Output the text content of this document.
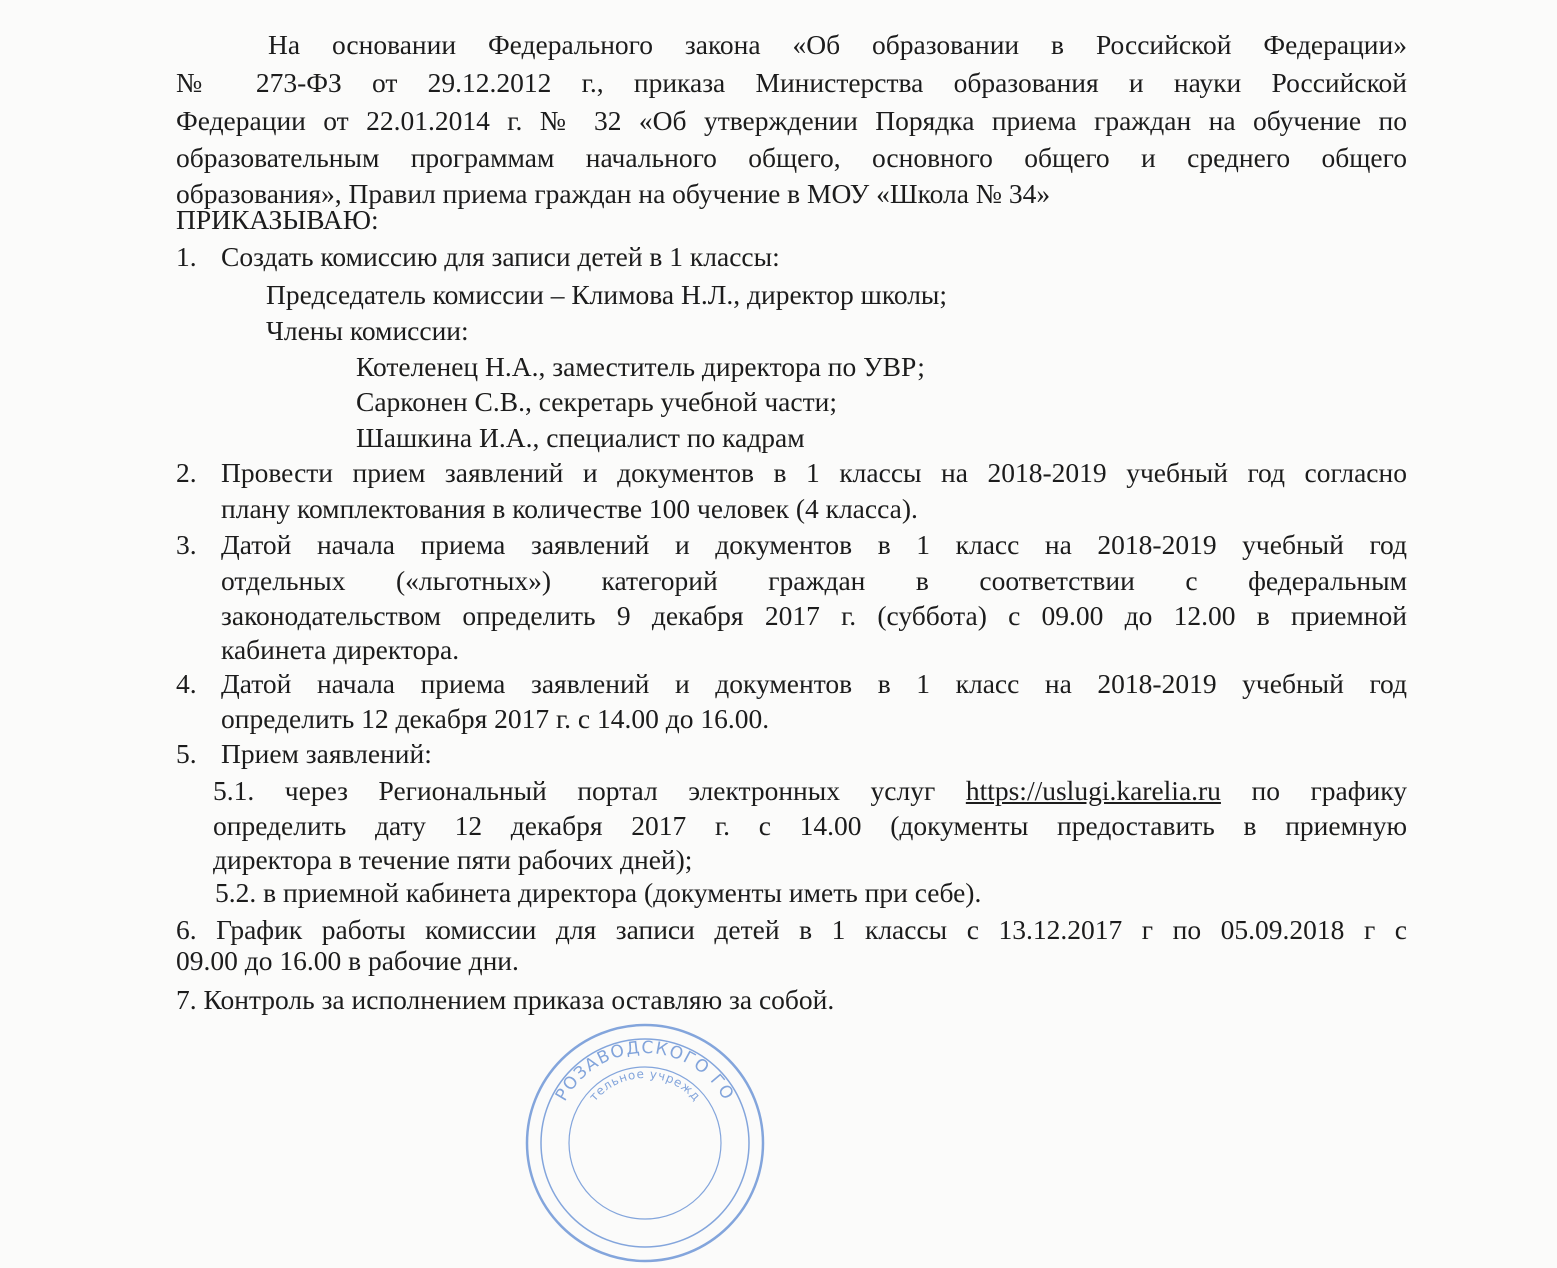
На основании Федерального закона «Об образовании в Российской Федерации»
№ 273-ФЗ от 29.12.2012 г., приказа Министерства образования и науки Российской
Федерации от 22.01.2014 г. № 32 «Об утверждении Порядка приема граждан на обучение по
образовательным программам начального общего, основного общего и среднего общего
образования», Правил приема граждан на обучение в МОУ «Школа № 34»
ПРИКАЗЫВАЮ:
1. Создать комиссию для записи детей в 1 классы:
Председатель комиссии – Климова Н.Л., директор школы;
Члены комиссии:
Котеленец Н.А., заместитель директора по УВР;
Сарконен С.В., секретарь учебной части;
Шашкина И.А., специалист по кадрам
2. Провести прием заявлений и документов в 1 классы на 2018-2019 учебный год согласно
плану комплектования в количестве 100 человек (4 класса).
3. Датой начала приема заявлений и документов в 1 класс на 2018-2019 учебный год
отдельных («льготных») категорий граждан в соответствии с федеральным
законодательством определить 9 декабря 2017 г. (суббота) с 09.00 до 12.00 в приемной
кабинета директора.
4. Датой начала приема заявлений и документов в 1 класс на 2018-2019 учебный год
определить 12 декабря 2017 г. с 14.00 до 16.00.
5. Прием заявлений:
5.1. через Региональный портал электронных услуг https://uslugi.karelia.ru по графику
определить дату 12 декабря 2017 г. с 14.00 (документы предоставить в приемную
директора в течение пяти рабочих дней);
5.2. в приемной кабинета директора (документы иметь при себе).
6. График работы комиссии для записи детей в 1 классы с 13.12.2017 г по 05.09.2018 г с
09.00 до 16.00 в рабочие дни.
7. Контроль за исполнением приказа оставляю за собой.
РОЗАВОДСКОГО ГО
тельное учрежд
